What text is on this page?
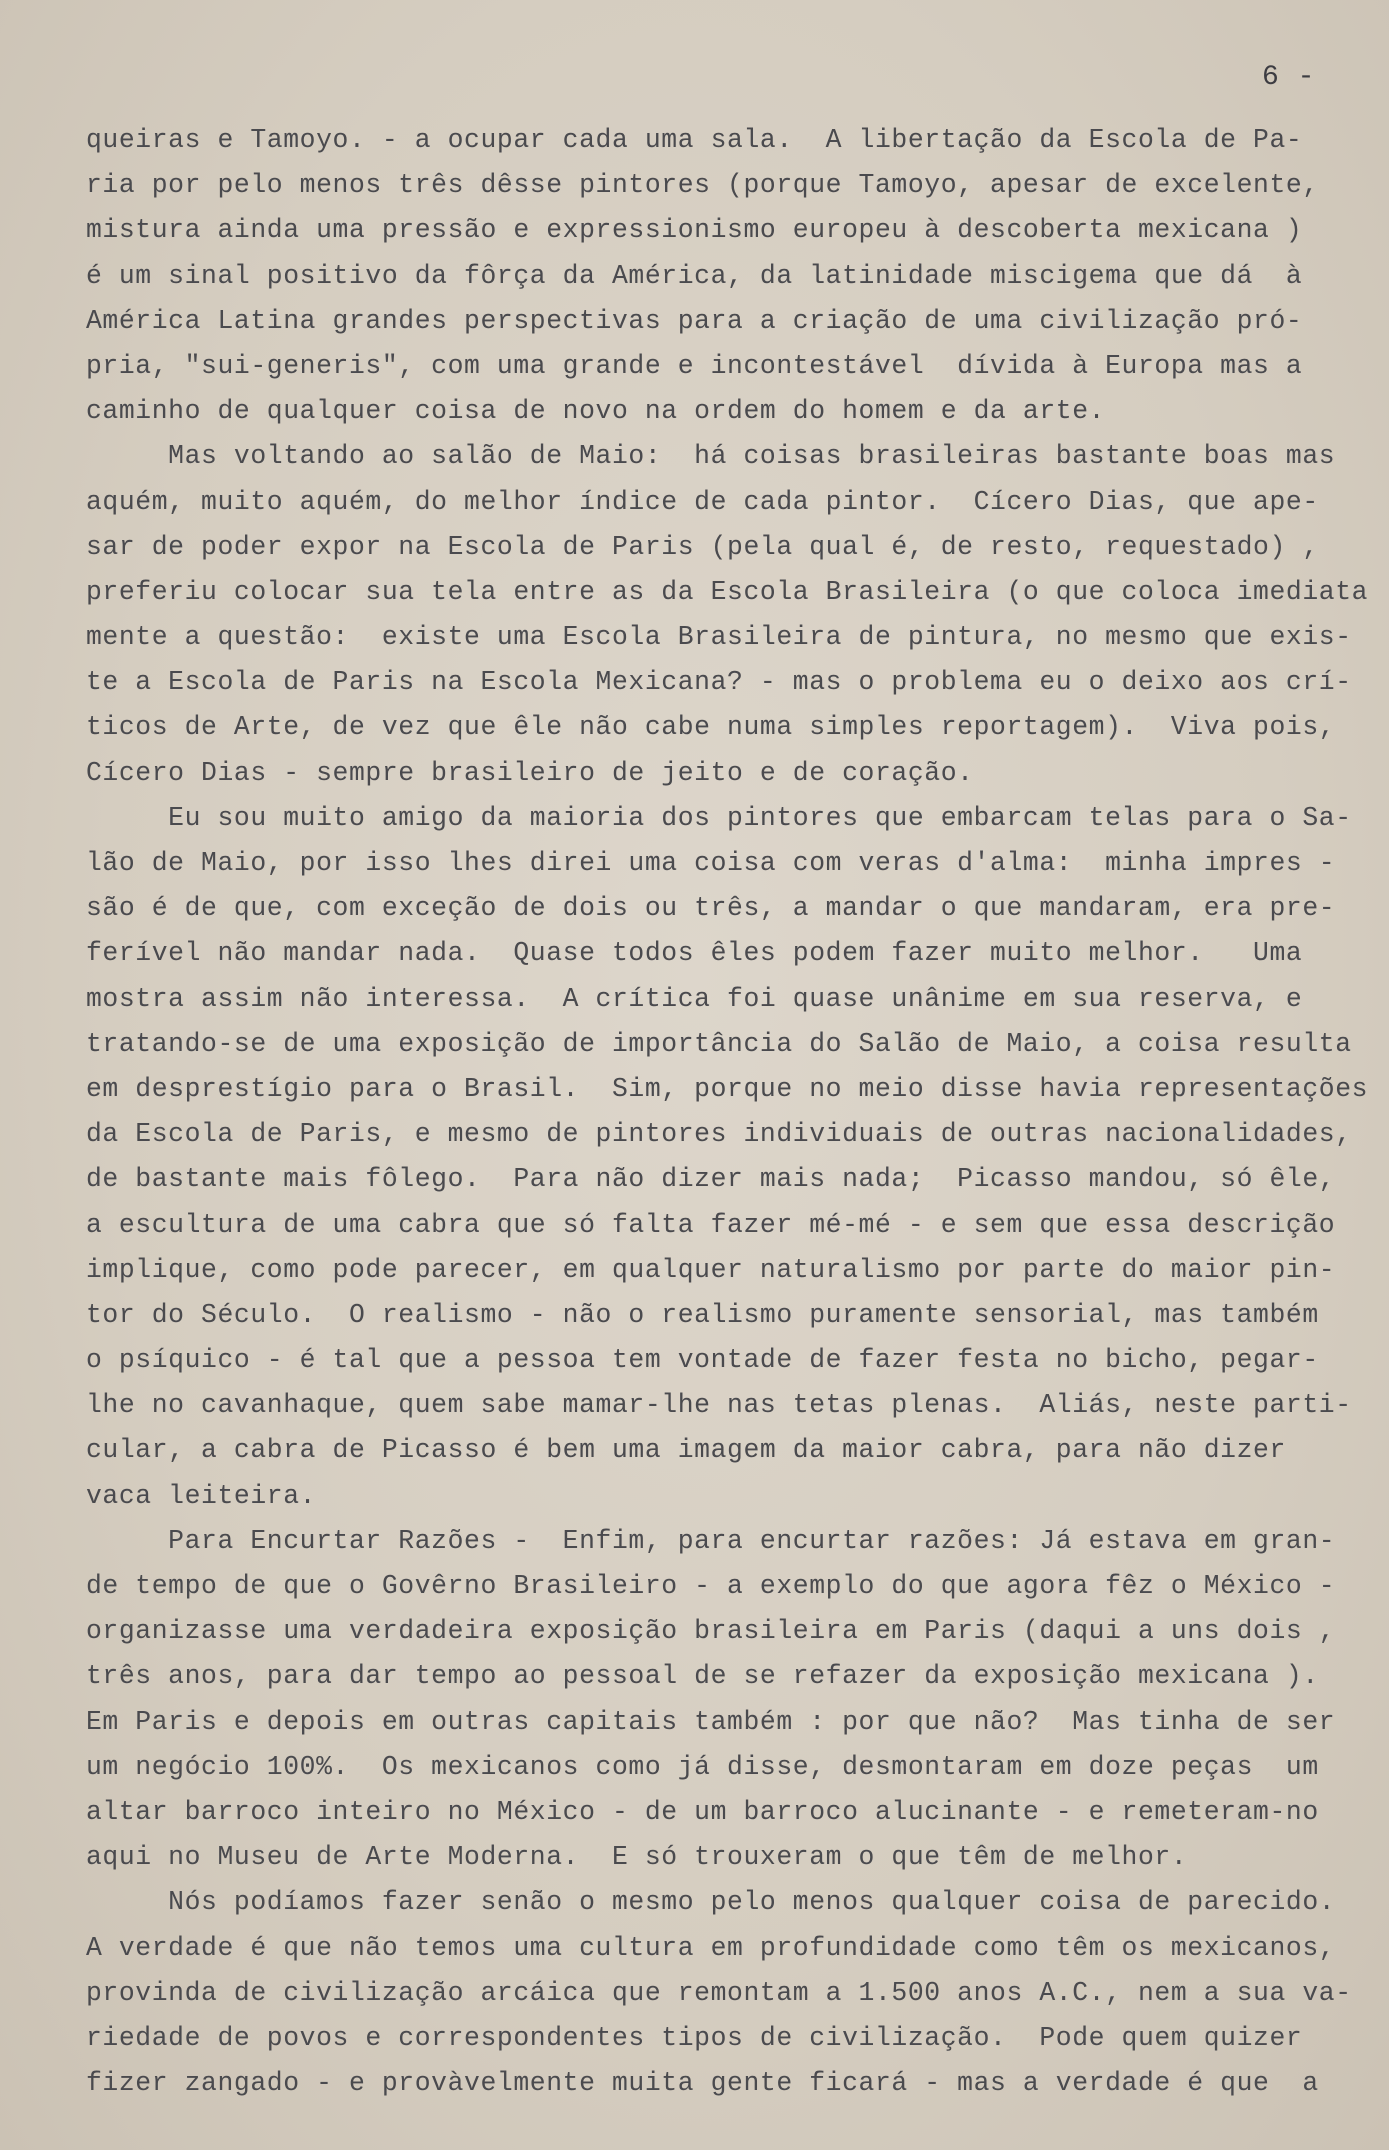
6 -
queiras e Tamoyo. - a ocupar cada uma sala.  A libertação da Escola de Pa-
ria por pelo menos três dêsse pintores (porque Tamoyo, apesar de excelente,
mistura ainda uma pressão e expressionismo europeu à descoberta mexicana )
é um sinal positivo da fôrça da América, da latinidade miscigema que dá  à
América Latina grandes perspectivas para a criação de uma civilização pró-
pria, "sui-generis", com uma grande e incontestável  dívida à Europa mas a
caminho de qualquer coisa de novo na ordem do homem e da arte.
Mas voltando ao salão de Maio:  há coisas brasileiras bastante boas mas
aquém, muito aquém, do melhor índice de cada pintor.  Cícero Dias, que ape-
sar de poder expor na Escola de Paris (pela qual é, de resto, requestado) ,
preferiu colocar sua tela entre as da Escola Brasileira (o que coloca imediata
mente a questão:  existe uma Escola Brasileira de pintura, no mesmo que exis-
te a Escola de Paris na Escola Mexicana? - mas o problema eu o deixo aos crí-
ticos de Arte, de vez que êle não cabe numa simples reportagem).  Viva pois,
Cícero Dias - sempre brasileiro de jeito e de coração.
Eu sou muito amigo da maioria dos pintores que embarcam telas para o Sa-
lão de Maio, por isso lhes direi uma coisa com veras d'alma:  minha impres -
são é de que, com exceção de dois ou três, a mandar o que mandaram, era pre-
ferível não mandar nada.  Quase todos êles podem fazer muito melhor.   Uma
mostra assim não interessa.  A crítica foi quase unânime em sua reserva, e
tratando-se de uma exposição de importância do Salão de Maio, a coisa resulta
em desprestígio para o Brasil.  Sim, porque no meio disse havia representações
da Escola de Paris, e mesmo de pintores individuais de outras nacionalidades,
de bastante mais fôlego.  Para não dizer mais nada;  Picasso mandou, só êle,
a escultura de uma cabra que só falta fazer mé-mé - e sem que essa descrição
implique, como pode parecer, em qualquer naturalismo por parte do maior pin-
tor do Século.  O realismo - não o realismo puramente sensorial, mas também
o psíquico - é tal que a pessoa tem vontade de fazer festa no bicho, pegar-
lhe no cavanhaque, quem sabe mamar-lhe nas tetas plenas.  Aliás, neste parti-
cular, a cabra de Picasso é bem uma imagem da maior cabra, para não dizer
vaca leiteira.
Para Encurtar Razões -  Enfim, para encurtar razões: Já estava em gran-
de tempo de que o Govêrno Brasileiro - a exemplo do que agora fêz o México -
organizasse uma verdadeira exposição brasileira em Paris (daqui a uns dois ,
três anos, para dar tempo ao pessoal de se refazer da exposição mexicana ).
Em Paris e depois em outras capitais também : por que não?  Mas tinha de ser
um negócio 100%.  Os mexicanos como já disse, desmontaram em doze peças  um
altar barroco inteiro no México - de um barroco alucinante - e remeteram-no
aqui no Museu de Arte Moderna.  E só trouxeram o que têm de melhor.
Nós podíamos fazer senão o mesmo pelo menos qualquer coisa de parecido.
A verdade é que não temos uma cultura em profundidade como têm os mexicanos,
provinda de civilização arcáica que remontam a 1.500 anos A.C., nem a sua va-
riedade de povos e correspondentes tipos de civilização.  Pode quem quizer
fizer zangado - e provàvelmente muita gente ficará - mas a verdade é que  a
